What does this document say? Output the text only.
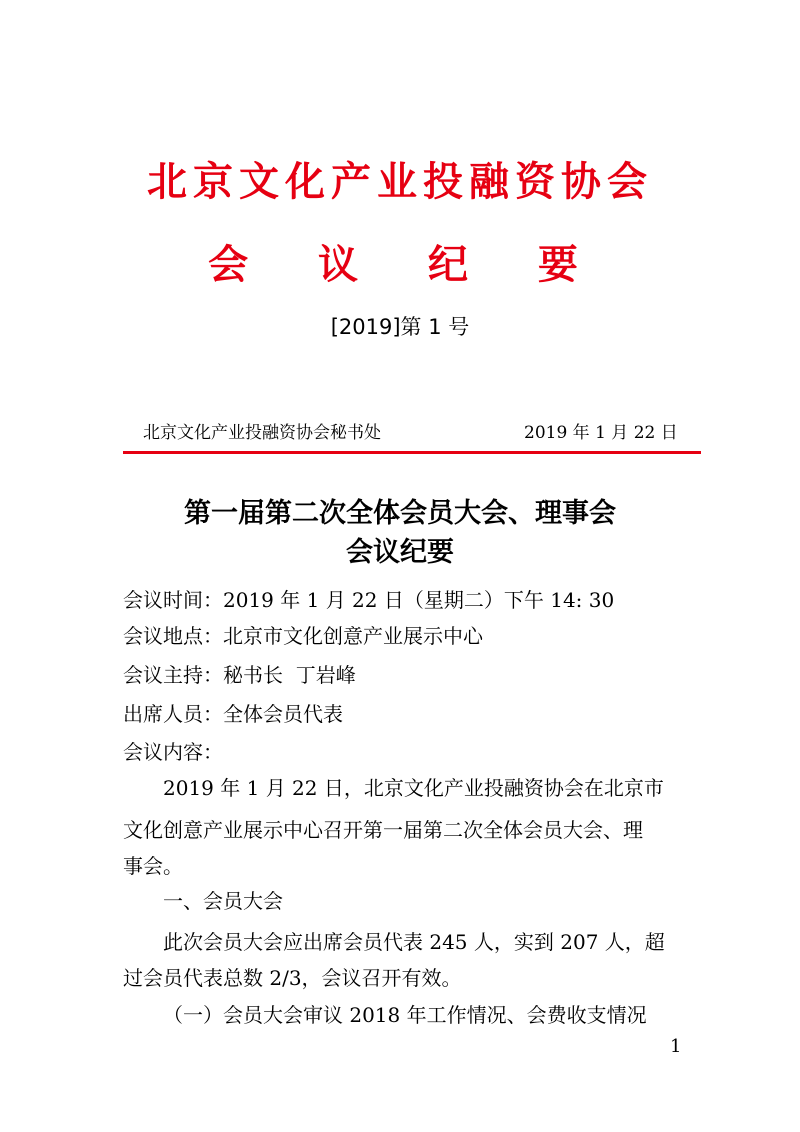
北京文化产业投融资协会
会 议 纪 要
[2019]第 1 号
北京文化产业投融资协会秘书处	2019 年 1 月 22 日
第一届第二次全体会员大会、理事会
会议纪要
会议时间：2019 年 1 月 22 日（星期二）下午 14: 30
会议地点：北京市文化创意产业展示中心
会议主持：秘书长  丁岩峰
出席人员：全体会员代表
会议内容：
2019 年 1 月 22 日，北京文化产业投融资协会在北京市
文化创意产业展示中心召开第一届第二次全体会员大会、理
事会。
一、会员大会
此次会员大会应出席会员代表 245 人，实到 207 人，超
过会员代表总数 2/3，会议召开有效。
（一）会员大会审议 2018 年工作情况、会费收支情况
1
